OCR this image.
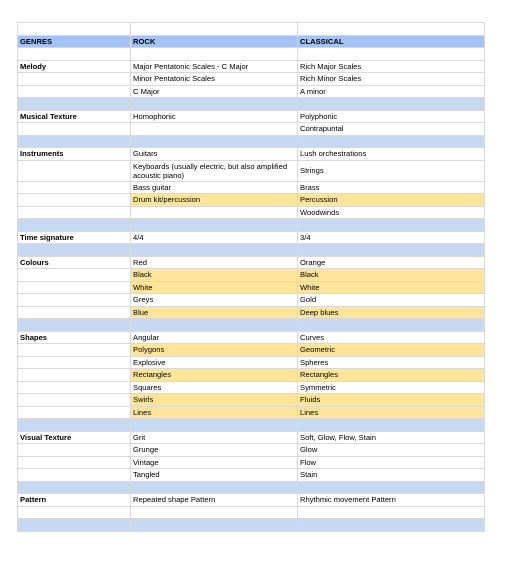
GENRES	ROCK	CLASSICAL

Melody	Major Pentatonic Scales - C Major	Rich Major Scales
	Minor Pentatonic Scales	Rich Minor Scales
	C Major	A minor

Musical Texture	Homophonic	Polyphonic
		Contrapuntal

Instruments	Guitars	Lush orchestrations
	Keyboards (usually electric, but also amplified acoustic piano)	Strings
	Bass guitar	Brass
	Drum kit/percussion	Percussion
		Woodwinds

Time signature	4/4	3/4

Colours	Red	Orange
	Black	Black
	White	White
	Greys	Gold
	Blue	Deep blues

Shapes	Angular	Curves
	Polygons	Geometric
	Explosive	Spheres
	Rectangles	Rectangles
	Squares	Symmetric
	Swirls	Fluids
	Lines	Lines

Visual Texture	Grit	Soft, Glow, Flow, Stain
	Grunge	Glow
	Vintage	Flow
	Tangled	Stain

Pattern	Repeated shape Pattern	Rhythmic movement Pattern
